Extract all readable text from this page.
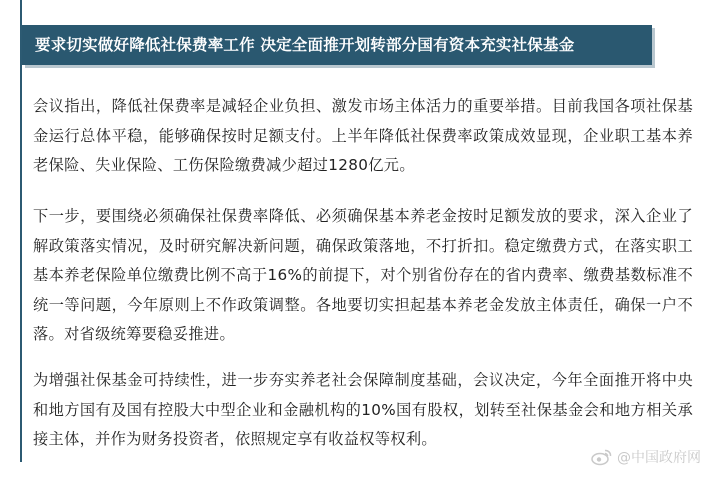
要求切实做好降低社保费率工作 决定全面推开划转部分国有资本充实社保基金

会议指出，降低社保费率是减轻企业负担、激发市场主体活力的重要举措。目前我国各项社保基金运行总体平稳，能够确保按时足额支付。上半年降低社保费率政策成效显现，企业职工基本养老保险、失业保险、工伤保险缴费减少超过1280亿元。

下一步，要围绕必须确保社保费率降低、必须确保基本养老金按时足额发放的要求，深入企业了解政策落实情况，及时研究解决新问题，确保政策落地，不打折扣。稳定缴费方式，在落实职工基本养老保险单位缴费比例不高于16%的前提下，对个别省份存在的省内费率、缴费基数标准不统一等问题，今年原则上不作政策调整。各地要切实担起基本养老金发放主体责任，确保一户不落。对省级统筹要稳妥推进。

为增强社保基金可持续性，进一步夯实养老社会保障制度基础，会议决定，今年全面推开将中央和地方国有及国有控股大中型企业和金融机构的10%国有股权，划转至社保基金会和地方相关承接主体，并作为财务投资者，依照规定享有收益权等权利。

@中国政府网
